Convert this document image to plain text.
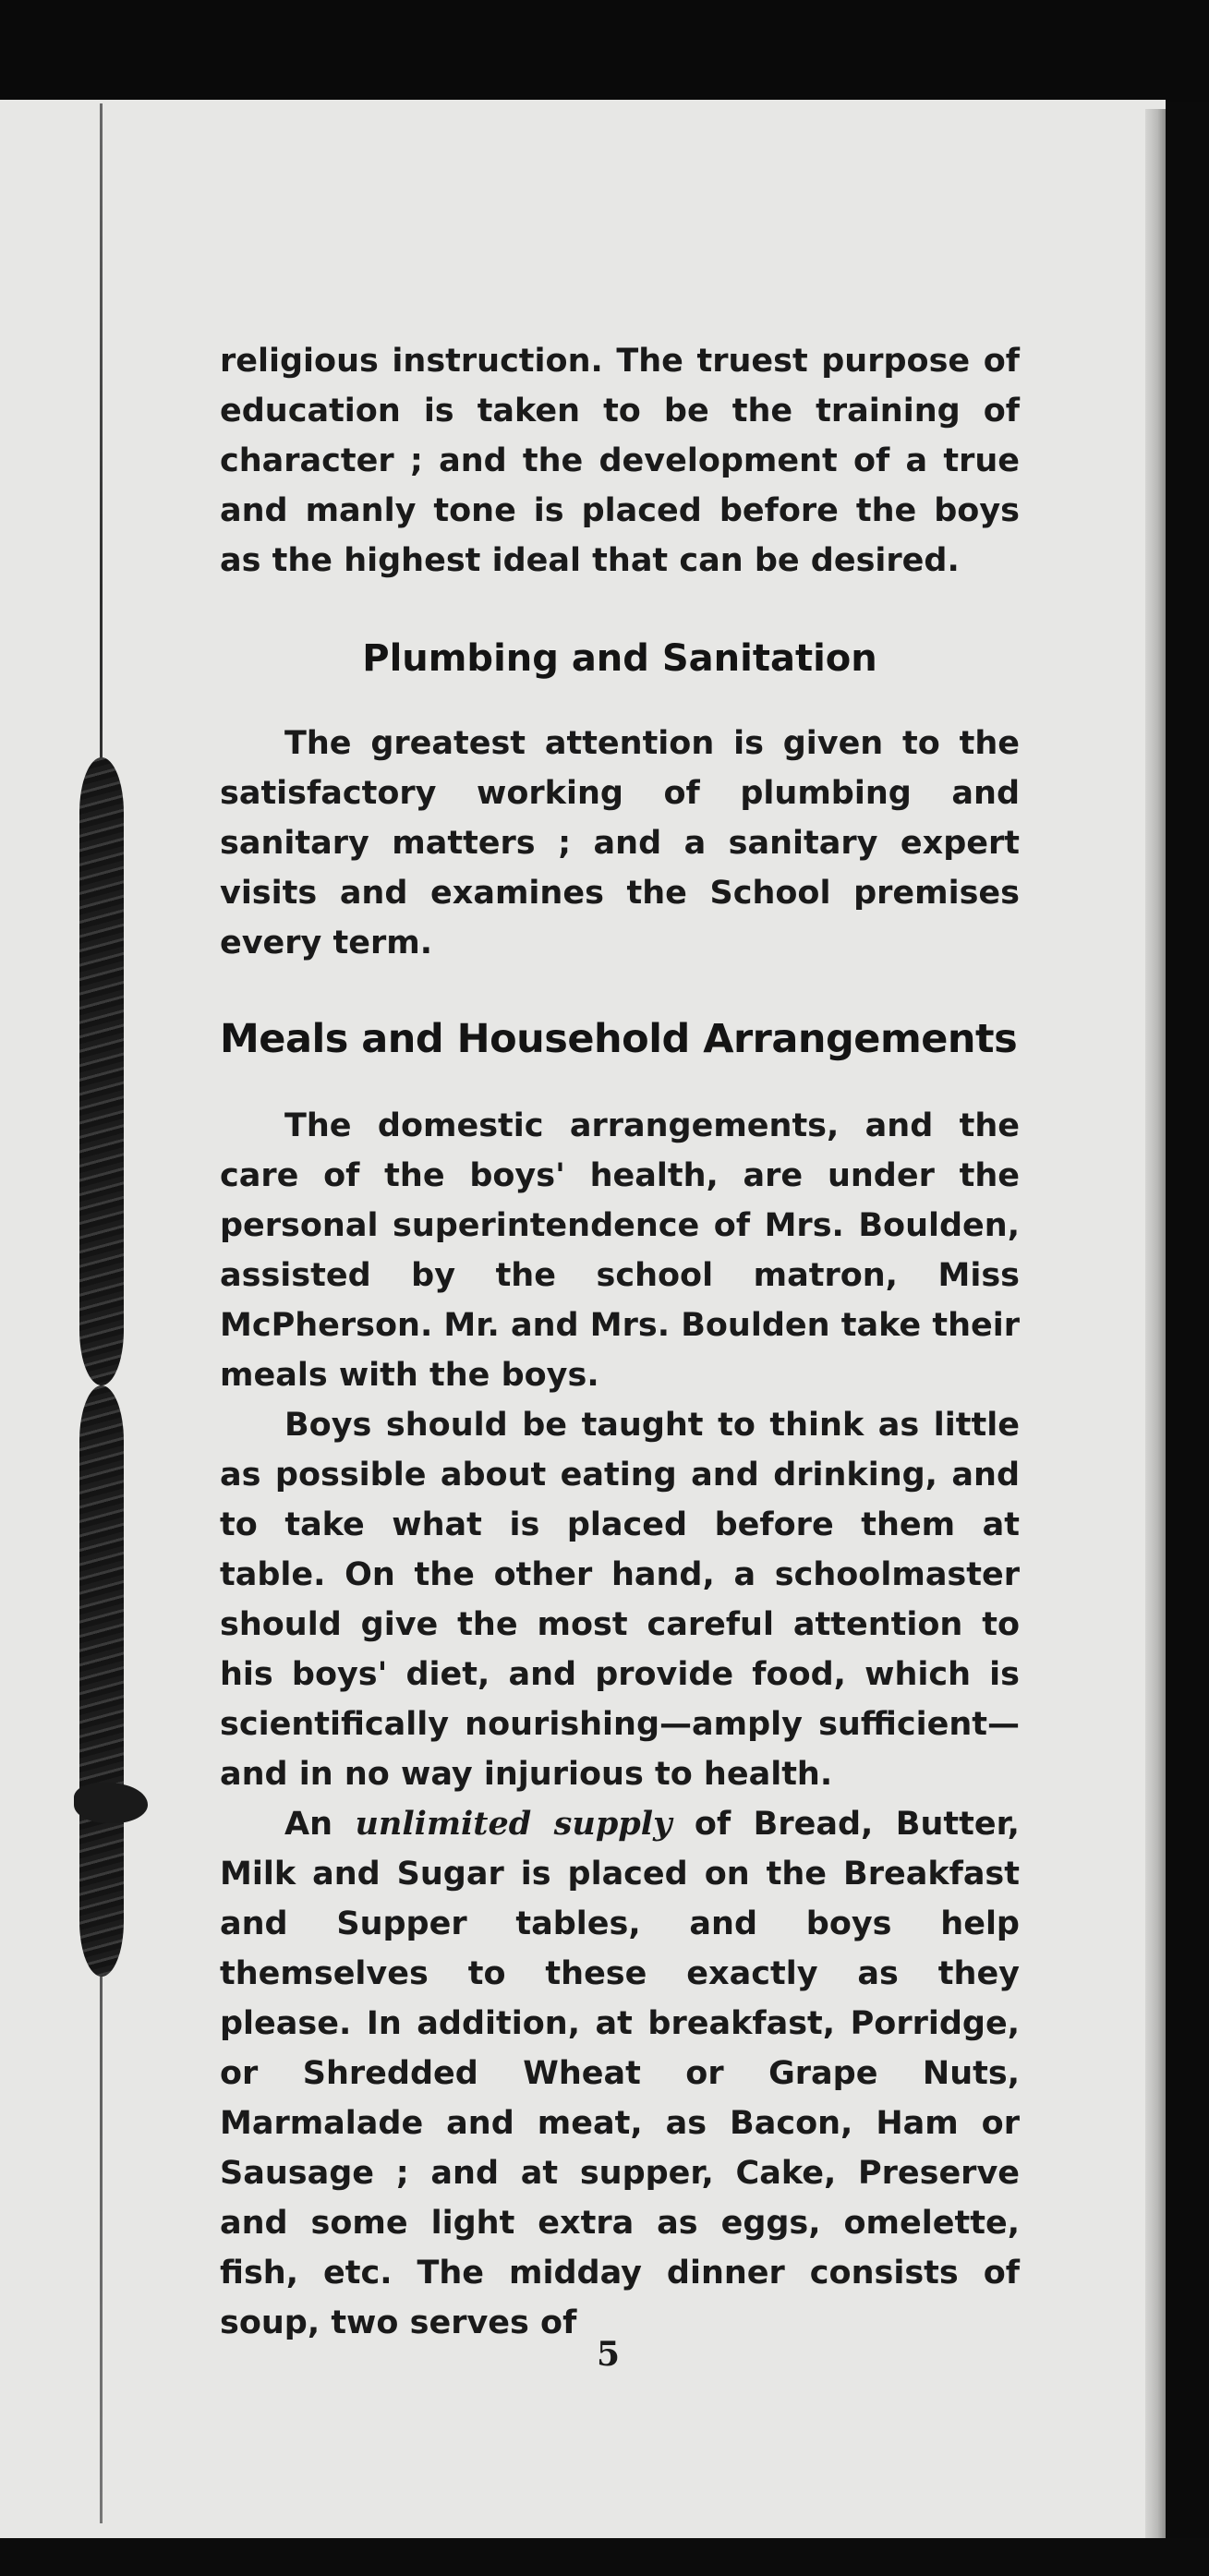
religious instruction. The truest purpose of education is taken to be the training of character ; and the development of a true and manly tone is placed before the boys as the highest ideal that can be desired.

Plumbing and Sanitation

The greatest attention is given to the satisfactory working of plumbing and sanitary matters ; and a sanitary expert visits and examines the School premises every term.

Meals and Household Arrangements

The domestic arrangements, and the care of the boys' health, are under the personal superintendence of Mrs. Boulden, assisted by the school matron, Miss McPherson. Mr. and Mrs. Boulden take their meals with the boys.

Boys should be taught to think as little as possible about eating and drinking, and to take what is placed before them at table. On the other hand, a schoolmaster should give the most careful attention to his boys' diet, and provide food, which is scientifically nourishing—amply sufficient—and in no way injurious to health.

An unlimited supply of Bread, Butter, Milk and Sugar is placed on the Breakfast and Supper tables, and boys help themselves to these exactly as they please. In addition, at breakfast, Porridge, or Shredded Wheat or Grape Nuts, Marmalade and meat, as Bacon, Ham or Sausage ; and at supper, Cake, Preserve and some light extra as eggs, omelette, fish, etc. The midday dinner consists of soup, two serves of

5
